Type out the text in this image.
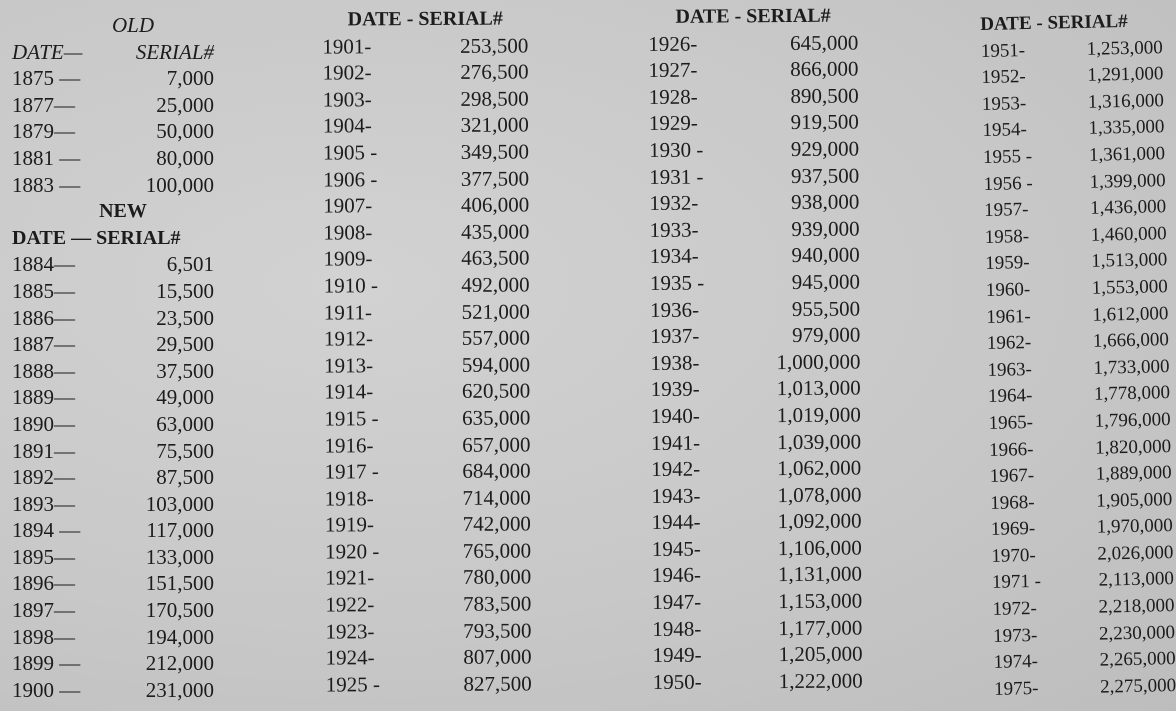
OLD
DATE—	SERIAL#
1875 —	7,000
1877—	25,000
1879—	50,000
1881 —	80,000
1883 —	100,000
NEW
DATE — SERIAL#
1884—	6,501
1885—	15,500
1886—	23,500
1887—	29,500
1888—	37,500
1889—	49,000
1890—	63,000
1891—	75,500
1892—	87,500
1893—	103,000
1894 —	117,000
1895—	133,000
1896—	151,500
1897—	170,500
1898—	194,000
1899 —	212,000
1900 —	231,000
DATE - SERIAL#
1901-	253,500
1902-	276,500
1903-	298,500
1904-	321,000
1905 -	349,500
1906 -	377,500
1907-	406,000
1908-	435,000
1909-	463,500
1910 -	492,000
1911-	521,000
1912-	557,000
1913-	594,000
1914-	620,500
1915 -	635,000
1916-	657,000
1917 -	684,000
1918-	714,000
1919-	742,000
1920 -	765,000
1921-	780,000
1922-	783,500
1923-	793,500
1924-	807,000
1925 -	827,500
DATE - SERIAL#
1926-	645,000
1927-	866,000
1928-	890,500
1929-	919,500
1930 -	929,000
1931 -	937,500
1932-	938,000
1933-	939,000
1934-	940,000
1935 -	945,000
1936-	955,500
1937-	979,000
1938-	1,000,000
1939-	1,013,000
1940-	1,019,000
1941-	1,039,000
1942-	1,062,000
1943-	1,078,000
1944-	1,092,000
1945-	1,106,000
1946-	1,131,000
1947-	1,153,000
1948-	1,177,000
1949-	1,205,000
1950-	1,222,000
DATE - SERIAL#
1951-	1,253,000
1952-	1,291,000
1953-	1,316,000
1954-	1,335,000
1955 -	1,361,000
1956 -	1,399,000
1957-	1,436,000
1958-	1,460,000
1959-	1,513,000
1960-	1,553,000
1961-	1,612,000
1962-	1,666,000
1963-	1,733,000
1964-	1,778,000
1965-	1,796,000
1966-	1,820,000
1967-	1,889,000
1968-	1,905,000
1969-	1,970,000
1970-	2,026,000
1971 -	2,113,000
1972-	2,218,000
1973-	2,230,000
1974-	2,265,000
1975-	2,275,000
